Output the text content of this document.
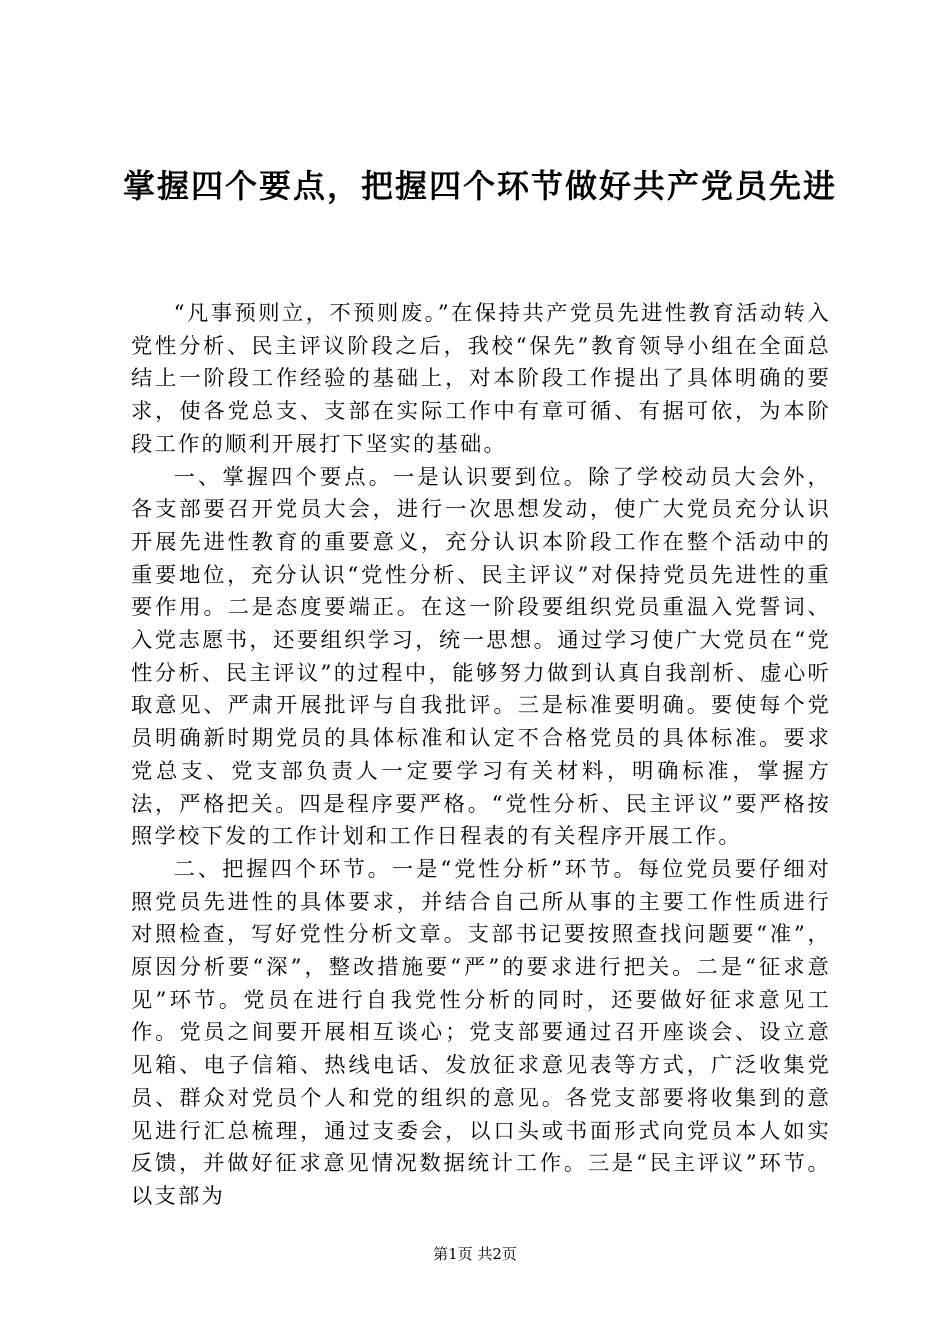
掌握四个要点，把握四个环节做好共产党员先进

“凡事预则立，不预则废。”在保持共产党员先进性教育活动转入党性分析、民主评议阶段之后，我校“保先”教育领导小组在全面总结上一阶段工作经验的基础上，对本阶段工作提出了具体明确的要求，使各党总支、支部在实际工作中有章可循、有据可依，为本阶段工作的顺利开展打下坚实的基础。

一、掌握四个要点。一是认识要到位。除了学校动员大会外，各支部要召开党员大会，进行一次思想发动，使广大党员充分认识开展先进性教育的重要意义，充分认识本阶段工作在整个活动中的重要地位，充分认识“党性分析、民主评议”对保持党员先进性的重要作用。二是态度要端正。在这一阶段要组织党员重温入党誓词、入党志愿书，还要组织学习，统一思想。通过学习使广大党员在“党性分析、民主评议”的过程中，能够努力做到认真自我剖析、虚心听取意见、严肃开展批评与自我批评。三是标准要明确。要使每个党员明确新时期党员的具体标准和认定不合格党员的具体标准。要求党总支、党支部负责人一定要学习有关材料，明确标准，掌握方法，严格把关。四是程序要严格。“党性分析、民主评议”要严格按照学校下发的工作计划和工作日程表的有关程序开展工作。

二、把握四个环节。一是“党性分析”环节。每位党员要仔细对照党员先进性的具体要求，并结合自己所从事的主要工作性质进行对照检查，写好党性分析文章。支部书记要按照查找问题要“准”，原因分析要“深”，整改措施要“严”的要求进行把关。二是“征求意见”环节。党员在进行自我党性分析的同时，还要做好征求意见工作。党员之间要开展相互谈心；党支部要通过召开座谈会、设立意见箱、电子信箱、热线电话、发放征求意见表等方式，广泛收集党员、群众对党员个人和党的组织的意见。各党支部要将收集到的意见进行汇总梳理，通过支委会，以口头或书面形式向党员本人如实反馈，并做好征求意见情况数据统计工作。三是“民主评议”环节。以支部为

第1页 共2页
